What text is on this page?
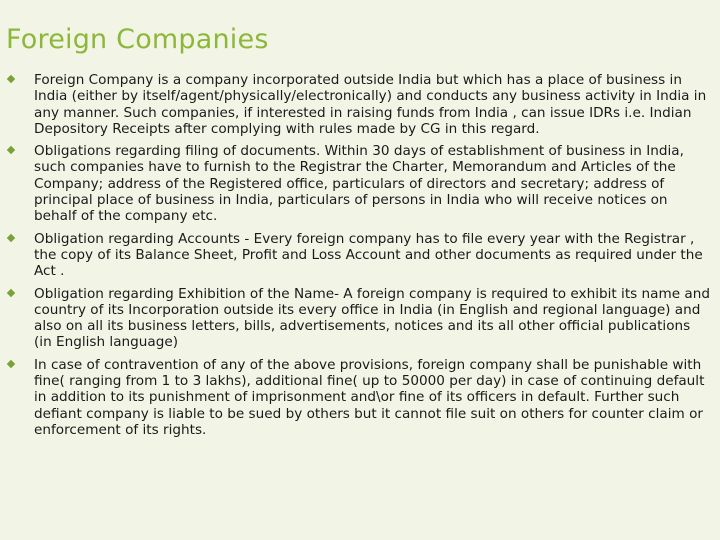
Foreign Companies
Foreign Company is a company incorporated outside India but which has a place of business in India (either by itself/agent/physically/electronically) and conducts any business activity in India in any manner. Such companies, if interested in raising funds from India , can issue IDRs i.e. Indian Depository Receipts after complying with rules made by CG in this regard.
Obligations regarding filing of documents. Within 30 days of establishment of business in India, such companies have to furnish to the Registrar the Charter, Memorandum and Articles of the Company; address of the Registered office, particulars of directors and secretary; address of principal place of business in India, particulars of persons in India who will receive notices on behalf of the company etc.
Obligation regarding Accounts - Every foreign company has to file every year with the Registrar , the copy of its Balance Sheet, Profit and Loss Account and other documents as required under the Act .
Obligation regarding Exhibition of the Name- A foreign company is required to exhibit its name and country of its Incorporation outside its every office in India (in English and regional language) and also on all its business letters, bills, advertisements, notices and its all other official publications (in English language)
In case of contravention of any of the above provisions, foreign company shall be punishable with fine( ranging from 1 to 3 lakhs), additional fine( up to 50000 per day) in case of continuing default in addition to its punishment of imprisonment and\or fine of its officers in default. Further such defiant company is liable to be sued by others but it cannot file suit on others for counter claim or enforcement of its rights.
